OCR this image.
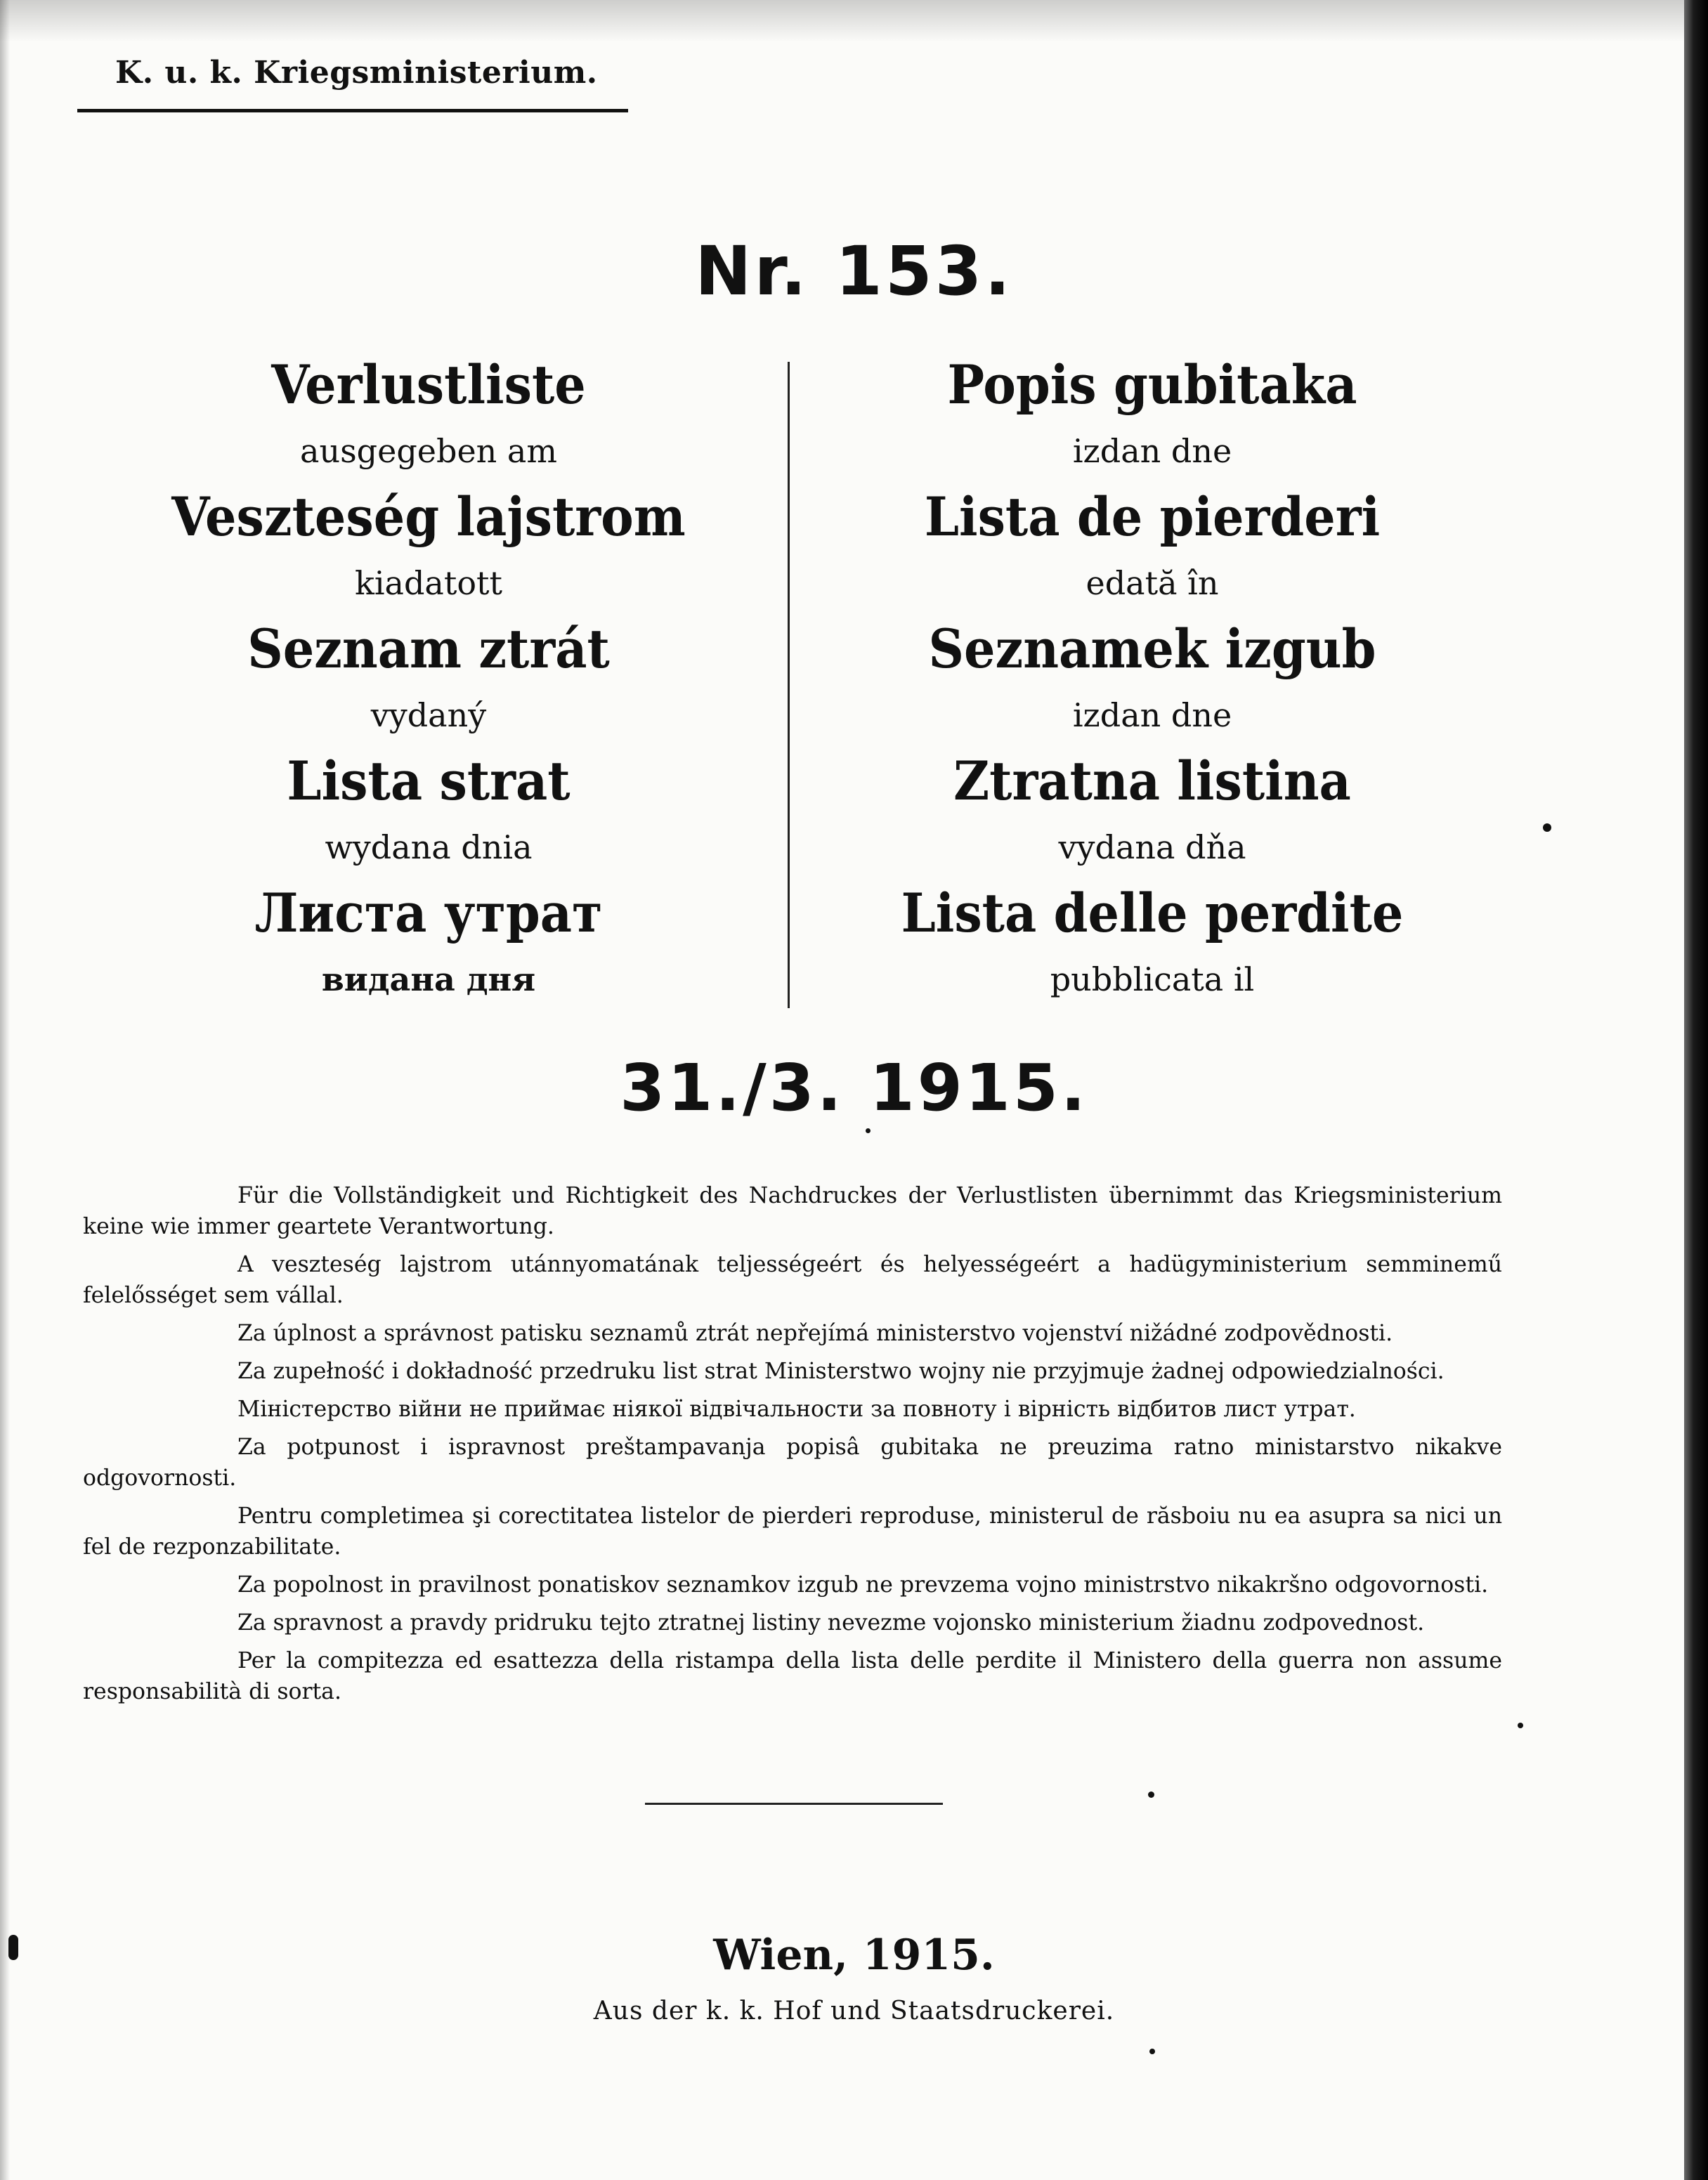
K. u. k. Kriegsministerium.
Nr. 153.
Verlustliste
ausgegeben am
Veszteség lajstrom
kiadatott
Seznam ztrát
vydaný
Lista strat
wydana dnia
Листа утрат
видана дня
Popis gubitaka
izdan dne
Lista de pierderi
edată în
Seznamek izgub
izdan dne
Ztratna listina
vydana dňa
Lista delle perdite
pubblicata il
31./3. 1915.

Für die Vollständigkeit und Richtigkeit des Nachdruckes der Verlustlisten übernimmt das Kriegsministerium keine wie immer geartete Verantwortung.

A veszteség lajstrom utánnyomatának teljességeért és helyességeért a hadügyministerium semminemű felelősséget sem vállal.

Za úplnost a správnost patisku seznamů ztrát nepřejímá ministerstvo vojenství nižádné zodpovědnosti.

Za zupełność i dokładność przedruku list strat Ministerstwo wojny nie przyjmuje żadnej odpowiedzialności.

Міністерство війни не приймає ніякої відвічальности за повноту і вірність відбитов лист утрат.

Za potpunost i ispravnost preštampavanja popisâ gubitaka ne preuzima ratno ministarstvo nikakve odgovornosti.

Pentru completimea şi corectitatea listelor de pierderi reproduse, ministerul de răsboiu nu ea asupra sa nici un fel de rezponzabilitate.

Za popolnost in pravilnost ponatiskov seznamkov izgub ne prevzema vojno ministrstvo nikakršno odgovornosti.

Za spravnost a pravdy pridruku tejto ztratnej listiny nevezme vojonsko ministerium žiadnu zodpovednost.

Per la compitezza ed esattezza della ristampa della lista delle perdite il Ministero della guerra non assume responsabilità di sorta.

Wien, 1915.
Aus der k. k. Hof und Staatsdruckerei.
